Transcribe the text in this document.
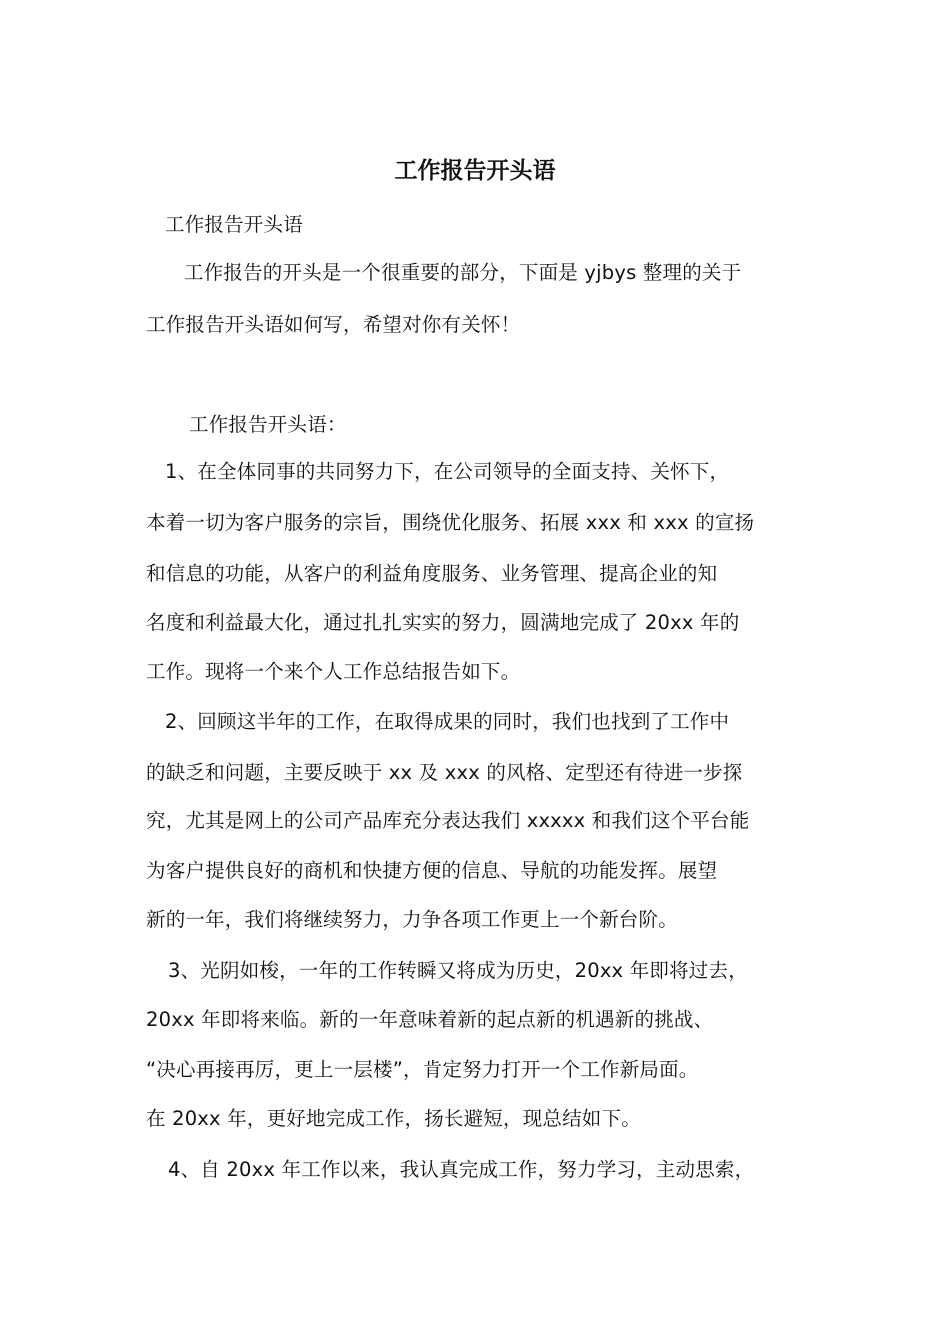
工作报告开头语
工作报告开头语
工作报告的开头是一个很重要的部分，下面是 yjbys 整理的关于
工作报告开头语如何写，希望对你有关怀！
工作报告开头语：
1、在全体同事的共同努力下，在公司领导的全面支持、关怀下，
本着一切为客户服务的宗旨，围绕优化服务、拓展 xxx 和 xxx 的宣扬
和信息的功能，从客户的利益角度服务、业务管理、提高企业的知
名度和利益最大化，通过扎扎实实的努力，圆满地完成了 20xx 年的
工作。现将一个来个人工作总结报告如下。
2、回顾这半年的工作，在取得成果的同时，我们也找到了工作中
的缺乏和问题，主要反映于 xx 及 xxx 的风格、定型还有待进一步探
究，尤其是网上的公司产品库充分表达我们 xxxxx 和我们这个平台能
为客户提供良好的商机和快捷方便的信息、导航的功能发挥。展望
新的一年，我们将继续努力，力争各项工作更上一个新台阶。
3、光阴如梭，一年的工作转瞬又将成为历史，20xx 年即将过去，
20xx 年即将来临。新的一年意味着新的起点新的机遇新的挑战、
“决心再接再厉，更上一层楼”，肯定努力打开一个工作新局面。
在 20xx 年，更好地完成工作，扬长避短，现总结如下。
4、自 20xx 年工作以来，我认真完成工作，努力学习，主动思索，
